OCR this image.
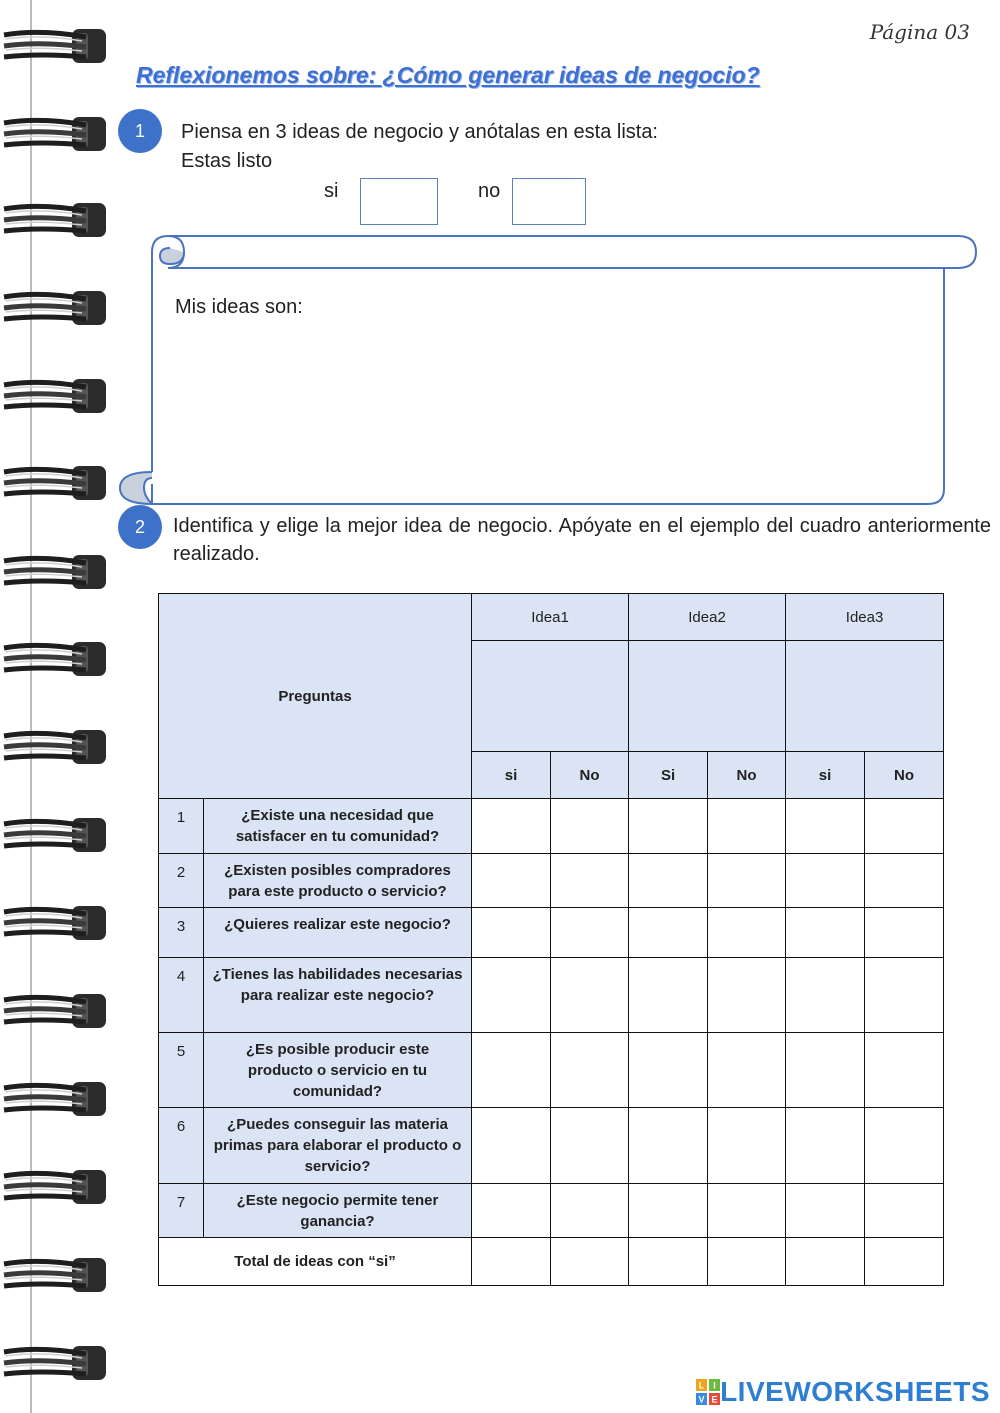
Página 03
Reflexionemos sobre: ¿Cómo generar ideas de negocio?
1	Piensa en 3 ideas de negocio y anótalas en esta lista:
Estas listo
si	no
Mis ideas son:
2	Identifica y elige la mejor idea de negocio. Apóyate en el ejemplo del cuadro anteriormente realizado.
Preguntas		Idea1		Idea2		Idea3	

		si	No	Si	No	si	No
1	¿Existe una necesidad que satisfacer en tu comunidad?						
2	¿Existen posibles compradores para este producto o servicio?						
3	¿Quieres realizar este negocio?						
4	¿Tienes las habilidades necesarias para realizar este negocio?						
5	¿Es posible producir este producto o servicio en tu comunidad?						
6	¿Puedes conseguir las materia primas para elaborar el producto o servicio?						
7	¿Este negocio permite tener ganancia?						
Total de ideas con “si”							
L I
V E LIVEWORKSHEETS
